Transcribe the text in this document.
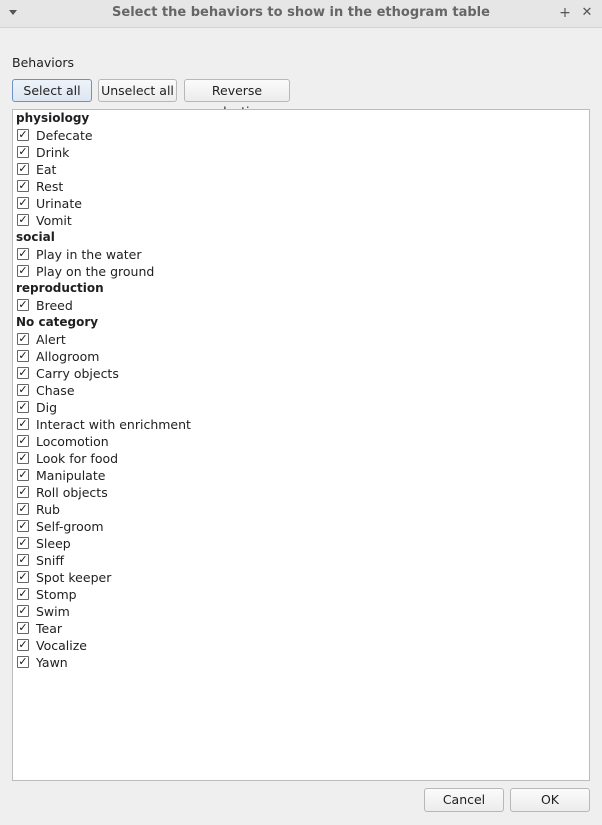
Select the behaviors to show in the ethogram table	+ ✕
Behaviors
Select all	Unselect all	Reverse
physiology
✓ Defecate
✓ Drink
✓ Eat
✓ Rest
✓ Urinate
✓ Vomit
social
✓ Play in the water
✓ Play on the ground
reproduction
✓ Breed
No category
✓ Alert
✓ Allogroom
✓ Carry objects
✓ Chase
✓ Dig
✓ Interact with enrichment
✓ Locomotion
✓ Look for food
✓ Manipulate
✓ Roll objects
✓ Rub
✓ Self-groom
✓ Sleep
✓ Sniff
✓ Spot keeper
✓ Stomp
✓ Swim
✓ Tear
✓ Vocalize
✓ Yawn
Cancel	OK
